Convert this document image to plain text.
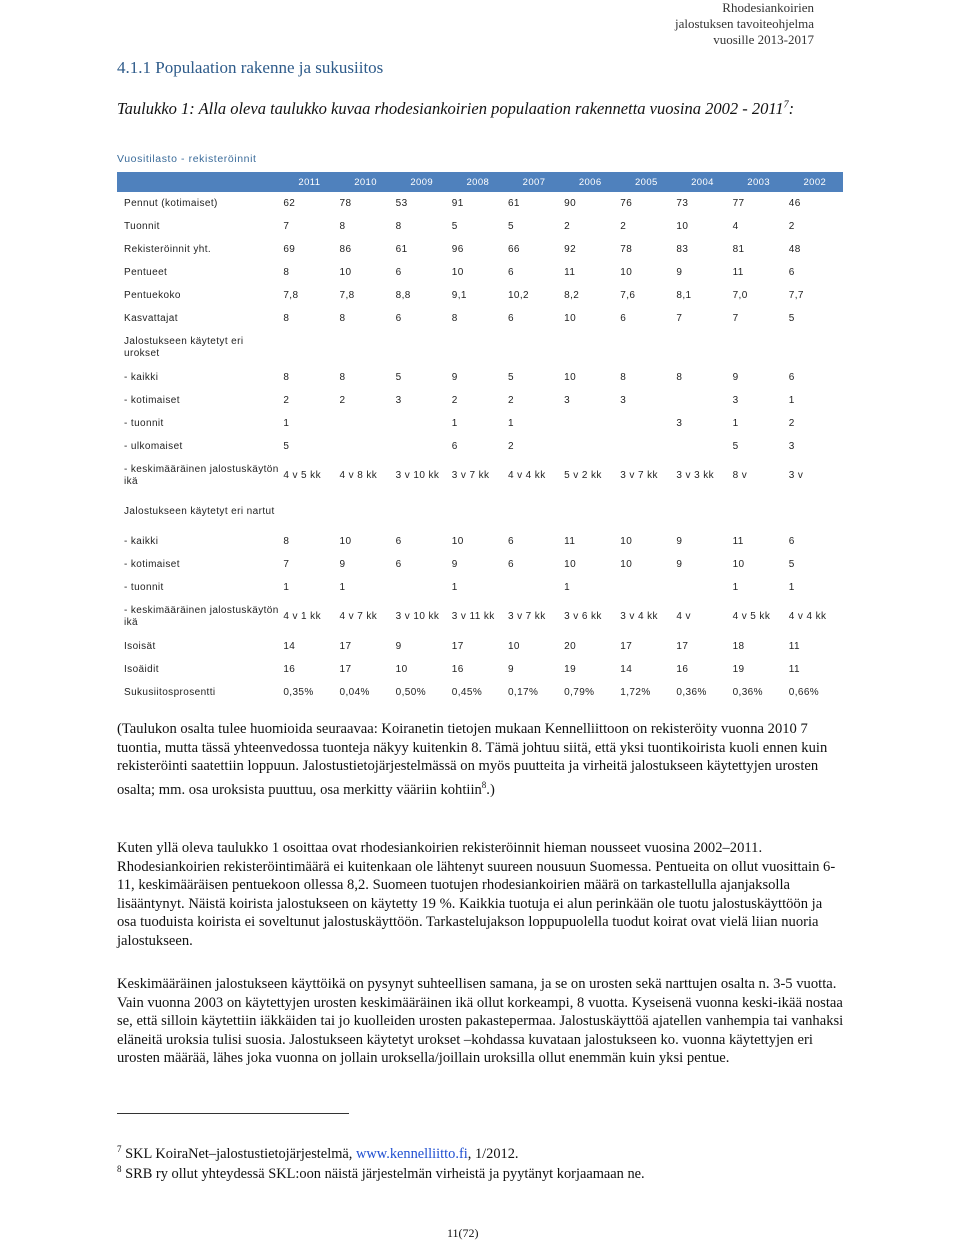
Rhodesiankoirien
jalostuksen tavoiteohjelma
vuosille 2013-2017
4.1.1 Populaation rakenne ja sukusiitos
Taulukko 1: Alla oleva taulukko kuvaa rhodesiankoirien populaation rakennetta vuosina 2002 - 2011$^7$:
Vuositilasto - rekisteröinnit
	2011	2010	2009	2008	2007	2006	2005	2004	2003	2002
Pennut (kotimaiset)	62	78	53	91	61	90	76	73	77	46
Tuonnit	7	8	8	5	5	2	2	10	4	2
Rekisteröinnit yht.	69	86	61	96	66	92	78	83	81	48
Pentueet	8	10	6	10	6	11	10	9	11	6
Pentuekoko	7,8	7,8	8,8	9,1	10,2	8,2	7,6	8,1	7,0	7,7
Kasvattajat	8	8	6	8	6	10	6	7	7	5
Jalostukseen käytetyt eri urokset										
- kaikki	8	8	5	9	5	10	8	8	9	6
- kotimaiset	2	2	3	2	2	3	3		3	1
- tuonnit	1			1	1			3	1	2
- ulkomaiset	5			6	2				5	3
- keskimääräinen jalostuskäytön ikä	4 v 5 kk	4 v 8 kk	3 v 10 kk	3 v 7 kk	4 v 4 kk	5 v 2 kk	3 v 7 kk	3 v 3 kk	8 v	3 v
Jalostukseen käytetyt eri nartut										
- kaikki	8	10	6	10	6	11	10	9	11	6
- kotimaiset	7	9	6	9	6	10	10	9	10	5
- tuonnit	1	1		1		1			1	1
- keskimääräinen jalostuskäytön ikä	4 v 1 kk	4 v 7 kk	3 v 10 kk	3 v 11 kk	3 v 7 kk	3 v 6 kk	3 v 4 kk	4 v	4 v 5 kk	4 v 4 kk
Isoisät	14	17	9	17	10	20	17	17	18	11
Isoäidit	16	17	10	16	9	19	14	16	19	11
Sukusiitosprosentti	0,35%	0,04%	0,50%	0,45%	0,17%	0,79%	1,72%	0,36%	0,36%	0,66%
(Taulukon osalta tulee huomioida seuraavaa: Koiranetin tietojen mukaan Kennelliittoon on rekisteröity vuonna 2010 7 tuontia, mutta tässä yhteenvedossa tuonteja näkyy kuitenkin 8. Tämä johtuu siitä, että yksi tuontikoirista kuoli ennen kuin rekisteröinti saatettiin loppuun. Jalostustietojärjestelmässä on myös puutteita ja virheitä jalostukseen käytettyjen urosten osalta; mm. osa uroksista puuttuu, osa merkitty vääriin kohtiin$^8$.)
Kuten yllä oleva taulukko 1 osoittaa ovat rhodesiankoirien rekisteröinnit hieman nousseet vuosina 2002–2011. Rhodesiankoirien rekisteröintimäärä ei kuitenkaan ole lähtenyt suureen nousuun Suomessa. Pentueita on ollut vuosittain 6-11, keskimääräisen pentuekoon ollessa 8,2. Suomeen tuotujen rhodesiankoirien määrä on tarkastellulla ajanjaksolla lisääntynyt. Näistä koirista jalostukseen on käytetty 19 %. Kaikkia tuotuja ei alun perinkään ole tuotu jalostuskäyttöön ja osa tuoduista koirista ei soveltunut jalostuskäyttöön. Tarkastelujakson loppupuolella tuodut koirat ovat vielä liian nuoria jalostukseen.
Keskimääräinen jalostukseen käyttöikä on pysynyt suhteellisen samana, ja se on urosten sekä narttujen osalta n. 3-5 vuotta. Vain vuonna 2003 on käytettyjen urosten keskimääräinen ikä ollut korkeampi, 8 vuotta. Kyseisenä vuonna keski-ikää nostaa se, että silloin käytettiin iäkkäiden tai jo kuolleiden urosten pakastepermaa. Jalostuskäyttöä ajatellen vanhempia tai vanhaksi eläneitä uroksia tulisi suosia. Jalostukseen käytetyt urokset –kohdassa kuvataan jalostukseen ko. vuonna käytettyjen eri urosten määrää, lähes joka vuonna on jollain uroksella/joillain uroksilla ollut enemmän kuin yksi pentue.
$^7$ SKL KoiraNet–jalostustietojärjestelmä, www.kennelliitto.fi, 1/2012.
$^8$ SRB ry ollut yhteydessä SKL:oon näistä järjestelmän virheistä ja pyytänyt korjaamaan ne.
11(72)
